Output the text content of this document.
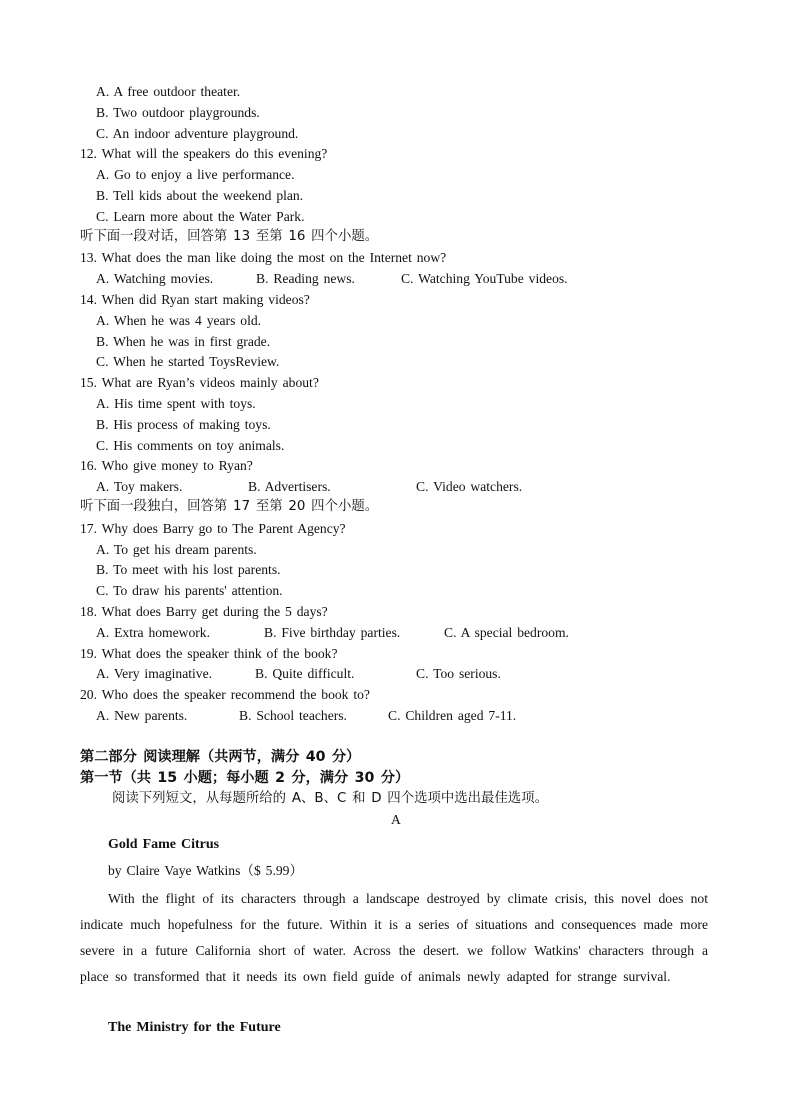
A. A free outdoor theater.
B. Two outdoor playgrounds.
C. An indoor adventure playground.
12. What will the speakers do this evening?
A. Go to enjoy a live performance.
B. Tell kids about the weekend plan.
C. Learn more about the Water Park.
听下面一段对话，回答第 13 至第 16 四个小题。
13. What does the man like doing the most on the Internet now?
A. Watching movies.	B. Reading news.	C. Watching YouTube videos.
14. When did Ryan start making videos?
A. When he was 4 years old.
B. When he was in first grade.
C. When he started ToysReview.
15. What are Ryan’s videos mainly about?
A. His time spent with toys.
B. His process of making toys.
C. His comments on toy animals.
16. Who give money to Ryan?
A. Toy makers.	B. Advertisers.	C. Video watchers.
听下面一段独白，回答第 17 至第 20 四个小题。
17. Why does Barry go to The Parent Agency?
A. To get his dream parents.
B. To meet with his lost parents.
C. To draw his parents' attention.
18. What does Barry get during the 5 days?
A. Extra homework.	B. Five birthday parties.	C. A special bedroom.
19. What does the speaker think of the book?
A. Very imaginative.	B. Quite difficult.	C. Too serious.
20. Who does the speaker recommend the book to?
A. New parents.	B. School teachers.	C. Children aged 7-11.
第二部分 阅读理解（共两节，满分 40 分）
第一节（共 15 小题；每小题 2 分，满分 30 分）
阅读下列短文，从每题所给的 A、B、C 和 D 四个选项中选出最佳选项。
A
Gold Fame Citrus
by Claire Vaye Watkins（$ 5.99）
With the flight of its characters through a landscape destroyed by climate crisis, this novel does not indicate much hopefulness for the future. Within it is a series of situations and consequences made more severe in a future California short of water. Across the desert. we follow Watkins' characters through a place so transformed that it needs its own field guide of animals newly adapted for strange survival.
The Ministry for the Future
